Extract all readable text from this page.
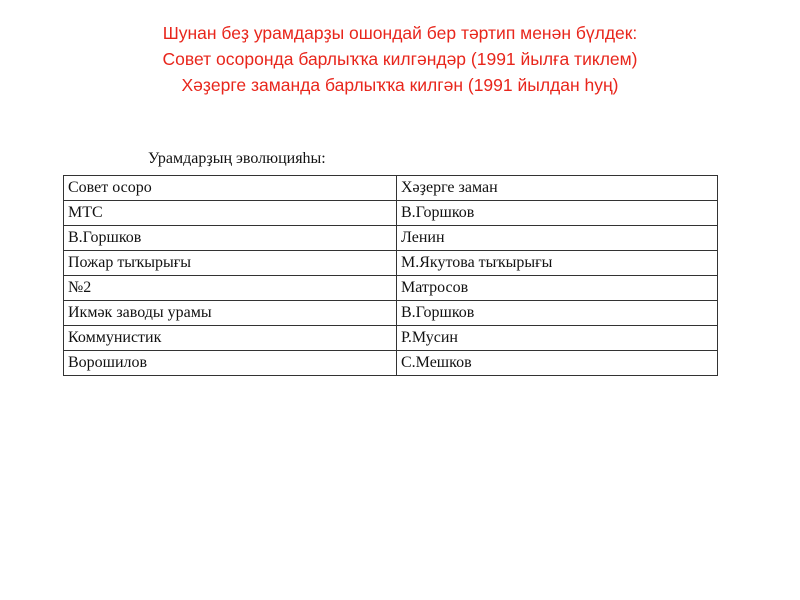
Шунан беҙ урамдарҙы ошондай бер тәртип менән бүлдек:
Совет осоронда барлыҡҡа килгәндәр (1991 йылға тиклем)
Хәҙерге заманда барлыҡҡа килгән (1991 йылдан һуң)
Урамдарҙың эволюцияһы:
Совет осоро	Хәҙерге заман
МТС	В.Горшков
В.Горшков	Ленин
Пожар тыҡырығы	М.Якутова тыҡырығы
№2	Матросов
Икмәк заводы урамы	В.Горшков
Коммунистик	Р.Мусин
Ворошилов	С.Мешков
